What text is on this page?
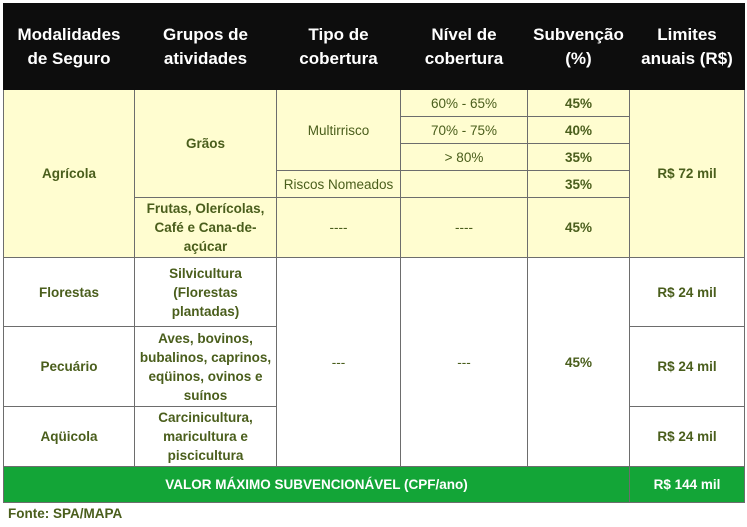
Modalidades de Seguro	Grupos de atividades	Tipo de cobertura	Nível de cobertura	Subvenção (%)	Limites anuais (R$)
Agrícola	Grãos	Multirrisco	60% - 65%	45%	R$ 72 mil
			70% - 75%	40%	
			> 80%	35%	
		Riscos Nomeados		35%	
	Frutas, Olerícolas, Café e Cana-de-açúcar	----	----	45%	
Florestas	Silvicultura (Florestas plantadas)	---	---	45%	R$ 24 mil
Pecuário	Aves, bovinos, bubalinos, caprinos, eqüinos, ovinos e suínos				R$ 24 mil
Aqüicola	Carcinicultura, maricultura e piscicultura				R$ 24 mil
VALOR MÁXIMO SUBVENCIONÁVEL (CPF/ano)					R$ 144 mil
Fonte: SPA/MAPA
